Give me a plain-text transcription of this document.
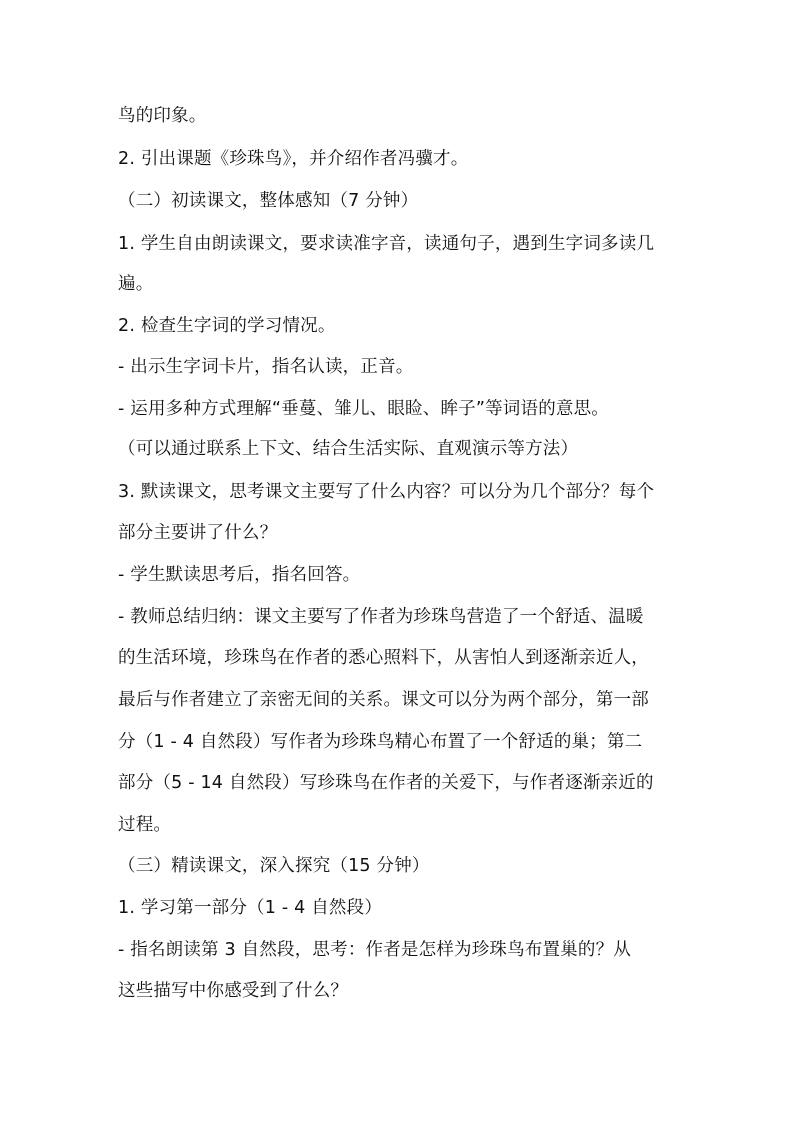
鸟的印象。
2. 引出课题《珍珠鸟》，并介绍作者冯骥才。
（二）初读课文，整体感知（7 分钟）
1. 学生自由朗读课文，要求读准字音，读通句子，遇到生字词多读几
遍。
2. 检查生字词的学习情况。
- 出示生字词卡片，指名认读，正音。
- 运用多种方式理解“垂蔓、雏儿、眼睑、眸子”等词语的意思。
（可以通过联系上下文、结合生活实际、直观演示等方法）
3. 默读课文，思考课文主要写了什么内容？可以分为几个部分？每个
部分主要讲了什么？
- 学生默读思考后，指名回答。
- 教师总结归纳：课文主要写了作者为珍珠鸟营造了一个舒适、温暖
的生活环境，珍珠鸟在作者的悉心照料下，从害怕人到逐渐亲近人，
最后与作者建立了亲密无间的关系。课文可以分为两个部分，第一部
分（1 - 4 自然段）写作者为珍珠鸟精心布置了一个舒适的巢；第二
部分（5 - 14 自然段）写珍珠鸟在作者的关爱下，与作者逐渐亲近的
过程。
（三）精读课文，深入探究（15 分钟）
1. 学习第一部分（1 - 4 自然段）
- 指名朗读第 3 自然段，思考：作者是怎样为珍珠鸟布置巢的？从
这些描写中你感受到了什么？
